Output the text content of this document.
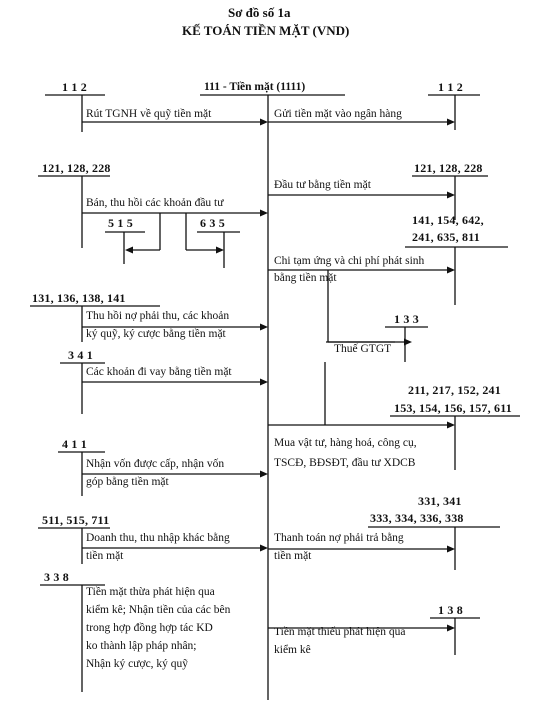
Sơ đồ số 1a
KẾ TOÁN TIỀN MẶT (VND)
111 - Tiền mặt (1111)
1 1 2
121, 128, 228
5 1 5	6 3 5
131, 136, 138, 141
3 4 1
4 1 1
511, 515, 711
3 3 8
Rút TGNH về quỹ tiền mặt
Bán, thu hồi các khoản đầu tư
Thu hồi nợ phải thu, các khoản
ký quỹ, ký cược bằng tiền mặt
Các khoản đi vay bằng tiền mặt
Nhận vốn được cấp, nhận vốn
góp bằng tiền mặt
Doanh thu, thu nhập khác bằng
tiền mặt
Tiền mặt thừa phát hiện qua
kiểm kê; Nhận tiền của các bên
trong hợp đồng hợp tác KD
ko thành lập pháp nhân;
Nhận ký cược, ký quỹ
1 1 2
121, 128, 228
141, 154, 642,
241, 635, 811
1 3 3
211, 217, 152, 241
153, 154, 156, 157, 611
331, 341
333, 334, 336, 338
1 3 8
Gửi tiền mặt vào ngân hàng
Đầu tư bằng tiền mặt
Chi tạm ứng và chi phí phát sinh
bằng tiền mặt
Thuế GTGT
Mua vật tư, hàng hoá, công cụ,
TSCĐ, BĐSĐT, đầu tư XDCB
Thanh toán nợ phải trả bằng
tiền mặt
Tiền mặt thiếu phát hiện qua
kiểm kê
